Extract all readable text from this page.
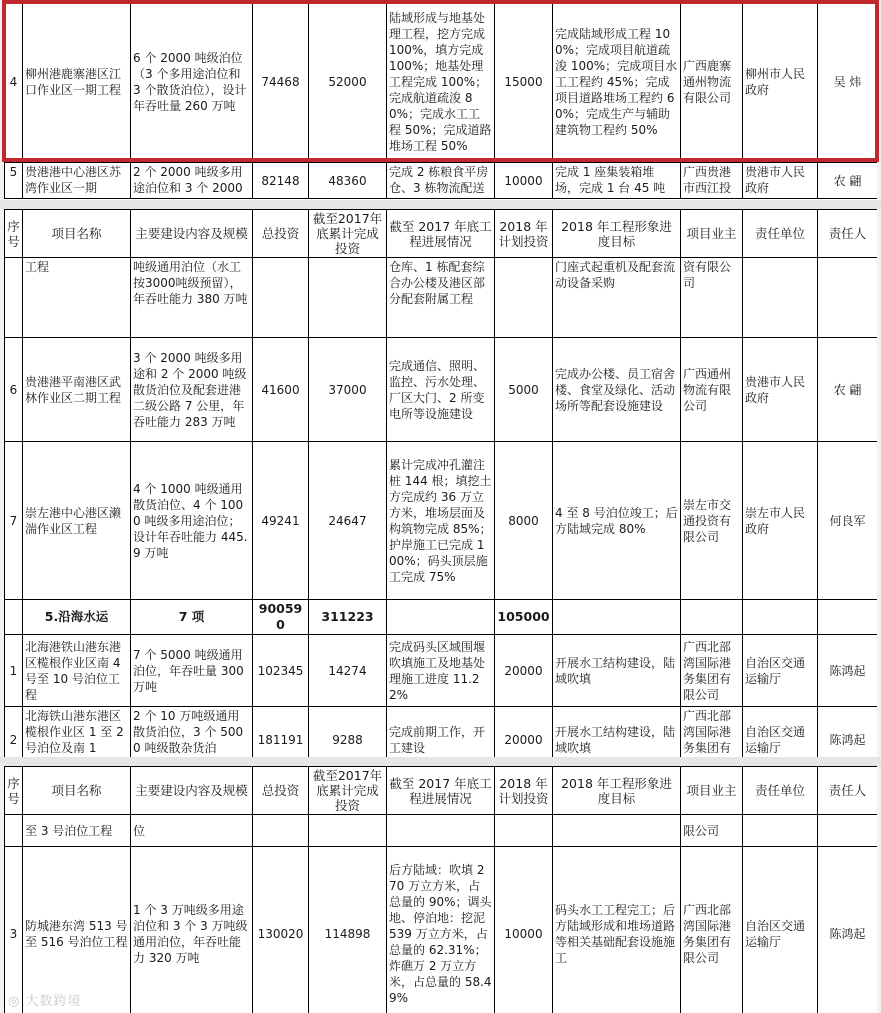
4	柳州港鹿寨港区江口作业区一期工程	6 个 2000 吨级泊位（3 个多用途泊位和 3 个散货泊位），设计年吞吐量 260 万吨	74468	52000	陆域形成与地基处理工程，挖方完成 100%，填方完成 100%；地基处理工程完成 100%；完成航道疏浚 80%；完成水工工程 50%；完成道路堆场工程 50%	15000	完成陆域形成工程 100%；完成项目航道疏浚 100%；完成项目水工工程约 45%；完成项目道路堆场工程约 60%；完成生产与辅助建筑物工程约 50%	广西鹿寨通州物流有限公司	柳州市人民政府	吴 炜
5	贵港港中心港区苏湾作业区一期	2 个 2000 吨级多用途泊位和 3 个 2000	82148	48360	完成 2 栋粮食平房仓、3 栋物流配送	10000	完成 1 座集装箱堆场，完成 1 台 45 吨	广西贵港市西江投	贵港市人民政府	农 翩
序号	项目名称	主要建设内容及规模	总投资	截至2017年底累计完成投资	截至 2017 年底工程进展情况	2018 年计划投资	2018 年工程形象进度目标	项目业主	责任单位	责任人
	工程	吨级通用泊位（水工按3000吨级预留），年吞吐能力 380 万吨			仓库、1 栋配套综合办公楼及港区部分配套附属工程		门座式起重机及配套流动设备采购	资有限公司		
6	贵港港平南港区武林作业区二期工程	3 个 2000 吨级多用途和 2 个 2000 吨级散货泊位及配套进港二级公路 7 公里，年吞吐能力 283 万吨	41600	37000	完成通信、照明、监控、污水处理、厂区大门、2 所变电所等设施建设	5000	完成办公楼、员工宿舍楼、食堂及绿化、活动场所等配套设施建设	广西通州物流有限公司	贵港市人民政府	农 翩
7	崇左港中心港区濑湍作业区工程	4 个 1000 吨级通用散货泊位、4 个 1000 吨级多用途泊位；设计年吞吐能力 445.9 万吨	49241	24647	累计完成冲孔灌注桩 144 根；填挖土方完成约 36 万立方米，堆场层面及构筑物完成 85%；护岸施工已完成 100%；码头顶层施工完成 75%	8000	4 至 8 号泊位竣工；后方陆域完成 80%	崇左市交通投资有限公司	崇左市人民政府	何良军
	5.沿海水运	7 项	900590	311223		105000				
1	北海港铁山港东港区榄根作业区南 4 号至 10 号泊位工程	7 个 5000 吨级通用泊位，年吞吐量 300 万吨	102345	14274	完成码头区域围堰吹填施工及地基处理施工进度 11.22%	20000	开展水工结构建设，陆域吹填	广西北部湾国际港务集团有限公司	自治区交通运输厅	陈鸿起
2	北海铁山港东港区榄根作业区 1 至 2 号泊位及南 1	2 个 10 万吨级通用散货泊位，3 个 5000 吨级散杂货泊	181191	9288	完成前期工作，开工建设	20000	开展水工结构建设，陆域吹填	广西北部湾国际港务集团有	自治区交通运输厅	陈鸿起
序号	项目名称	主要建设内容及规模	总投资	截至2017年底累计完成投资	截至 2017 年底工程进展情况	2018 年计划投资	2018 年工程形象进度目标	项目业主	责任单位	责任人
	至 3 号泊位工程	位						限公司		
3	防城港东湾 513 号至 516 号泊位工程	1 个 3 万吨级多用途泊位和 3 个 3 万吨级通用泊位，年吞吐能力 320 万吨	130020	114898	后方陆域：吹填 270 万立方米，占总量的 90%；调头地、停泊地：挖泥 539 万立方米，占总量的 62.31%；炸礁万 2 万立方米，占总量的 58.49%	10000	码头水工工程完工；后方陆域形成和堆场道路等相关基础配套设施施工	广西北部湾国际港务集团有限公司	自治区交通运输厅	陈鸿起
◎ 大数跨境
